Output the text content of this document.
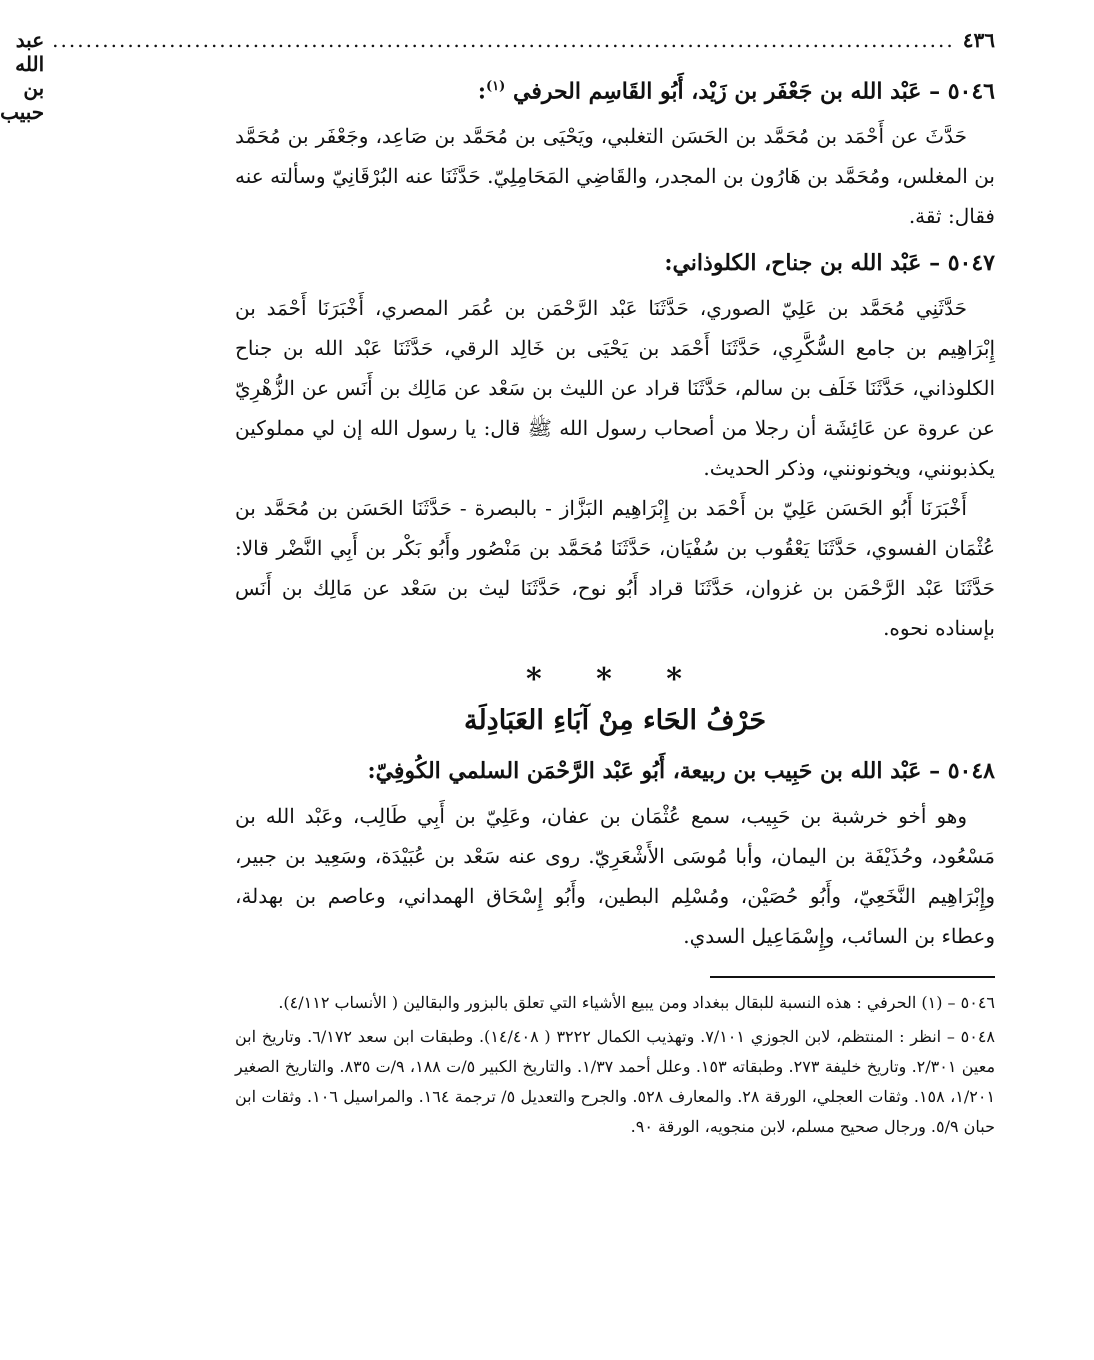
٤٣٦
............................................................................................................
عبد الله بن حبيب
٥٠٤٦ – عَبْد الله بن جَعْفَر بن زَيْد، أَبُو القَاسِم الحرفي $^{(١)}$:

حَدَّثَ عن أَحْمَد بن مُحَمَّد بن الحَسَن التغلبي، ويَحْيَى بن مُحَمَّد بن صَاعِد، وجَعْفَر بن مُحَمَّد بن المغلس، ومُحَمَّد بن هَارُون بن المجدر، والقَاضِي المَحَامِلِيّ. حَدَّثَنَا عنه البُرْقَانِيّ وسألته عنه فقال: ثقة.

٥٠٤٧ – عَبْد الله بن جناح، الكلوذاني:

حَدَّثَنِي مُحَمَّد بن عَلِيّ الصوري، حَدَّثَنَا عَبْد الرَّحْمَن بن عُمَر المصري، أَخْبَرَنَا أَحْمَد بن إِبْرَاهِيم بن جامع السُّكَّرِي، حَدَّثَنَا أَحْمَد بن يَحْيَى بن خَالِد الرقي، حَدَّثَنَا عَبْد الله بن جناح الكلوذاني، حَدَّثَنَا خَلَف بن سالم، حَدَّثَنَا قراد عن الليث بن سَعْد عن مَالِك بن أَنَس عن الزُّهْرِيّ عن عروة عن عَائِشَة أن رجلا من أصحاب رسول الله ﷺ قال: يا رسول الله إن لي مملوكين يكذبونني، ويخونونني، وذكر الحديث.

أَخْبَرَنَا أَبُو الحَسَن عَلِيّ بن أَحْمَد بن إِبْرَاهِيم البَزَّاز - بالبصرة - حَدَّثَنَا الحَسَن بن مُحَمَّد بن عُثْمَان الفسوي، حَدَّثَنَا يَعْقُوب بن سُفْيَان، حَدَّثَنَا مُحَمَّد بن مَنْصُور وأَبُو بَكْر بن أَبِي النَّضْر قالا: حَدَّثَنَا عَبْد الرَّحْمَن بن غزوان، حَدَّثَنَا قراد أَبُو نوح، حَدَّثَنَا ليث بن سَعْد عن مَالِك بن أَنَس بإسناده نحوه.

* * *
حَرْفُ الحَاء مِنْ آبَاءِ العَبَادِلَة
٥٠٤٨ – عَبْد الله بن حَبِيب بن ربيعة، أَبُو عَبْد الرَّحْمَن السلمي الكُوفِيّ:

وهو أخو خرشبة بن حَبِيب، سمع عُثْمَان بن عفان، وعَلِيّ بن أَبِي طَالِب، وعَبْد الله بن مَسْعُود، وحُذَيْفَة بن اليمان، وأبا مُوسَى الأَشْعَرِيّ. روى عنه سَعْد بن عُبَيْدَة، وسَعِيد بن جبير، وإِبْرَاهِيم النَّخَعِيّ، وأَبُو حُصَيْن، ومُسْلِم البطين، وأَبُو إِسْحَاق الهمداني، وعاصم بن بهدلة، وعطاء بن السائب، وإِسْمَاعِيل السدي.

٥٠٤٦ – (١) الحرفي : هذه النسبة للبقال ببغداد ومن يبيع الأشياء التي تعلق بالبزور والبقالين ( الأنساب ٤/١١٢).

٥٠٤٨ – انظر : المنتظم، لابن الجوزي ٧/١٠١. وتهذيب الكمال ٣٢٢٢ ( ١٤/٤٠٨). وطبقات ابن سعد ٦/١٧٢. وتاريخ ابن معين ٢/٣٠١. وتاريخ خليفة ٢٧٣. وطبقاته ١٥٣. وعلل أحمد ١/٣٧. والتاريخ الكبير ٥/ت ١٨٨، ٩/ت ٨٣٥. والتاريخ الصغير ١/٢٠١، ١٥٨. وثقات العجلي، الورقة ٢٨. والمعارف ٥٢٨. والجرح والتعديل ٥/ ترجمة ١٦٤. والمراسيل ١٠٦. وثقات ابن حبان ٥/٩. ورجال صحيح مسلم، لابن منجويه، الورقة ٩٠.
